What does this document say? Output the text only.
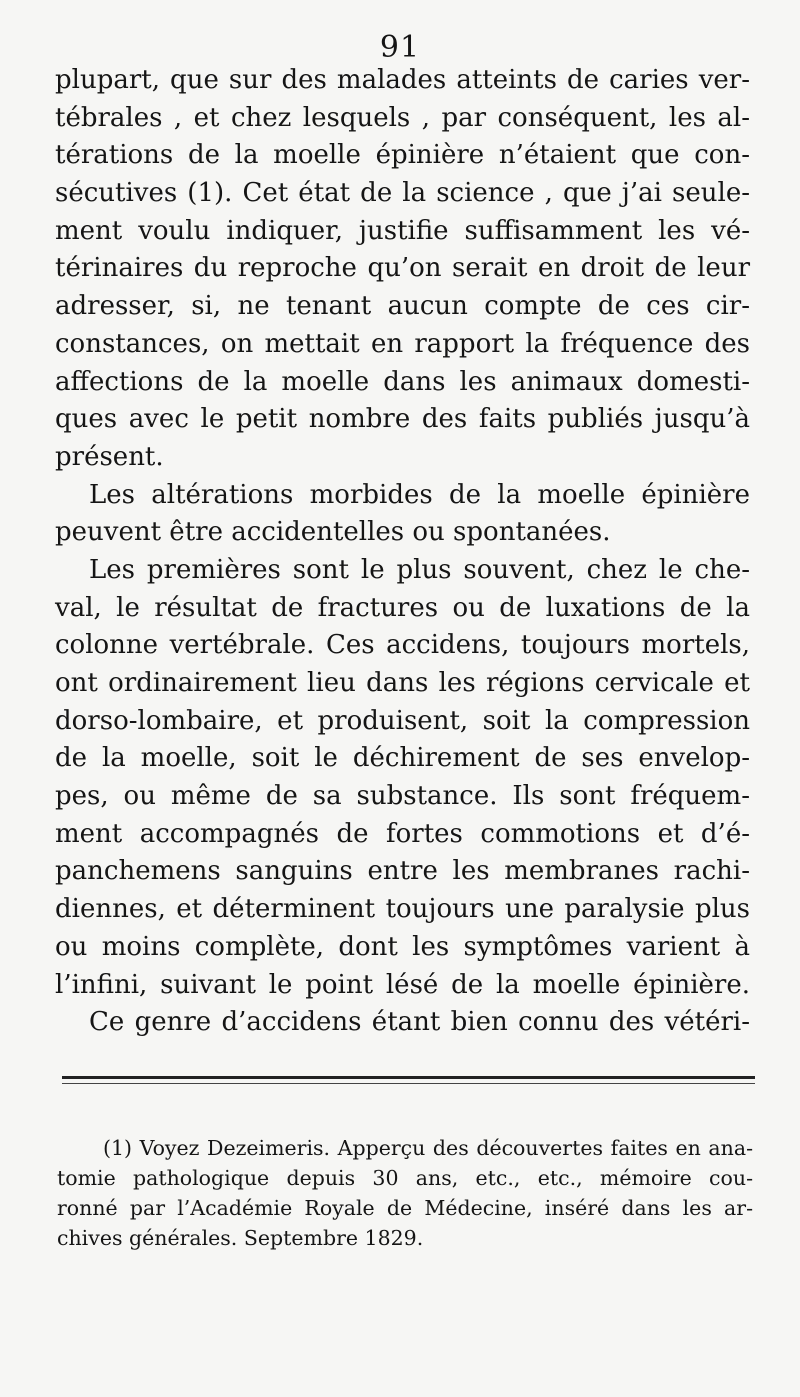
91
plupart, que sur des malades atteints de caries ver-
tébrales , et chez lesquels , par conséquent, les al-
térations de la moelle épinière n’étaient que con-
sécutives (1). Cet état de la science , que j’ai seule-
ment voulu indiquer, justifie suffisamment les vé-
térinaires du reproche qu’on serait en droit de leur
adresser, si, ne tenant aucun compte de ces cir-
constances, on mettait en rapport la fréquence des
affections de la moelle dans les animaux domesti-
ques avec le petit nombre des faits publiés jusqu’à
présent.
Les altérations morbides de la moelle épinière
peuvent être accidentelles ou spontanées.
Les premières sont le plus souvent, chez le che-
val, le résultat de fractures ou de luxations de la
colonne vertébrale. Ces accidens, toujours mortels,
ont ordinairement lieu dans les régions cervicale et
dorso-lombaire, et produisent, soit la compression
de la moelle, soit le déchirement de ses envelop-
pes, ou même de sa substance. Ils sont fréquem-
ment accompagnés de fortes commotions et d’é-
panchemens sanguins entre les membranes rachi-
diennes, et déterminent toujours une paralysie plus
ou moins complète, dont les symptômes varient à
l’infini, suivant le point lésé de la moelle épinière.
Ce genre d’accidens étant bien connu des vétéri-
(1) Voyez Dezeimeris. Apperçu des découvertes faites en ana-
tomie pathologique depuis 30 ans, etc., etc., mémoire cou-
ronné par l’Académie Royale de Médecine, inséré dans les ar-
chives générales. Septembre 1829.
